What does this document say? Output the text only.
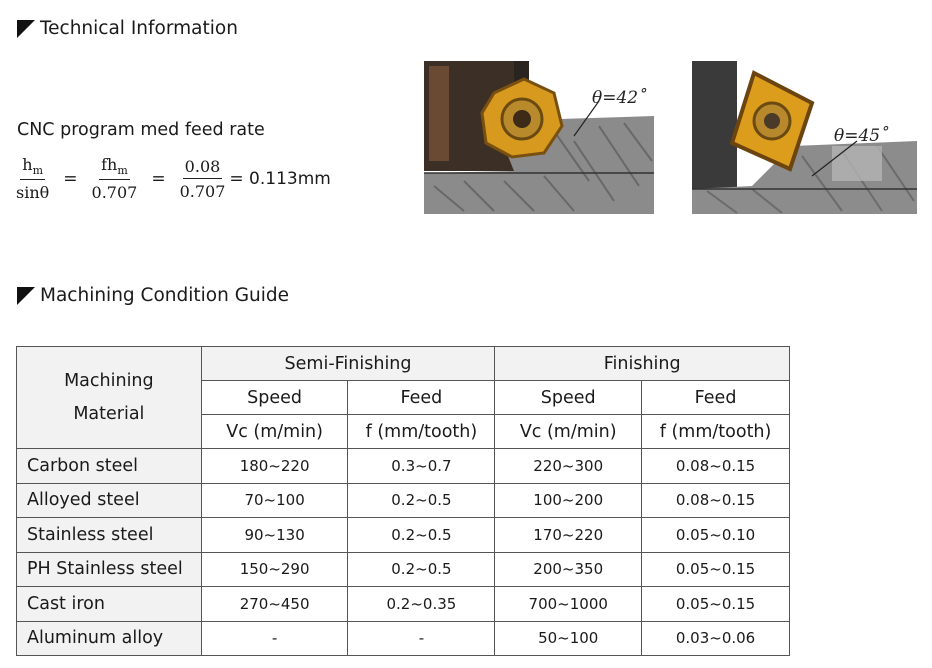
Technical Information
CNC program med feed rate
$\frac{h_m}{\sin\theta} = \frac{fh_m}{0.707} = \frac{0.08}{0.707} = 0.113mm$
θ=42˚
θ=45˚
Machining Condition Guide
Machining
Material	Semi-Finishing		Finishing	
	Speed	Feed	Speed	Feed
	Vc (m/min)	f (mm/tooth)	Vc (m/min)	f (mm/tooth)
Carbon steel	180~220	0.3~0.7	220~300	0.08~0.15
Alloyed steel	70~100	0.2~0.5	100~200	0.08~0.15
Stainless steel	90~130	0.2~0.5	170~220	0.05~0.10
PH Stainless steel	150~290	0.2~0.5	200~350	0.05~0.15
Cast iron	270~450	0.2~0.35	700~1000	0.05~0.15
Aluminum alloy	-	-	50~100	0.03~0.06
